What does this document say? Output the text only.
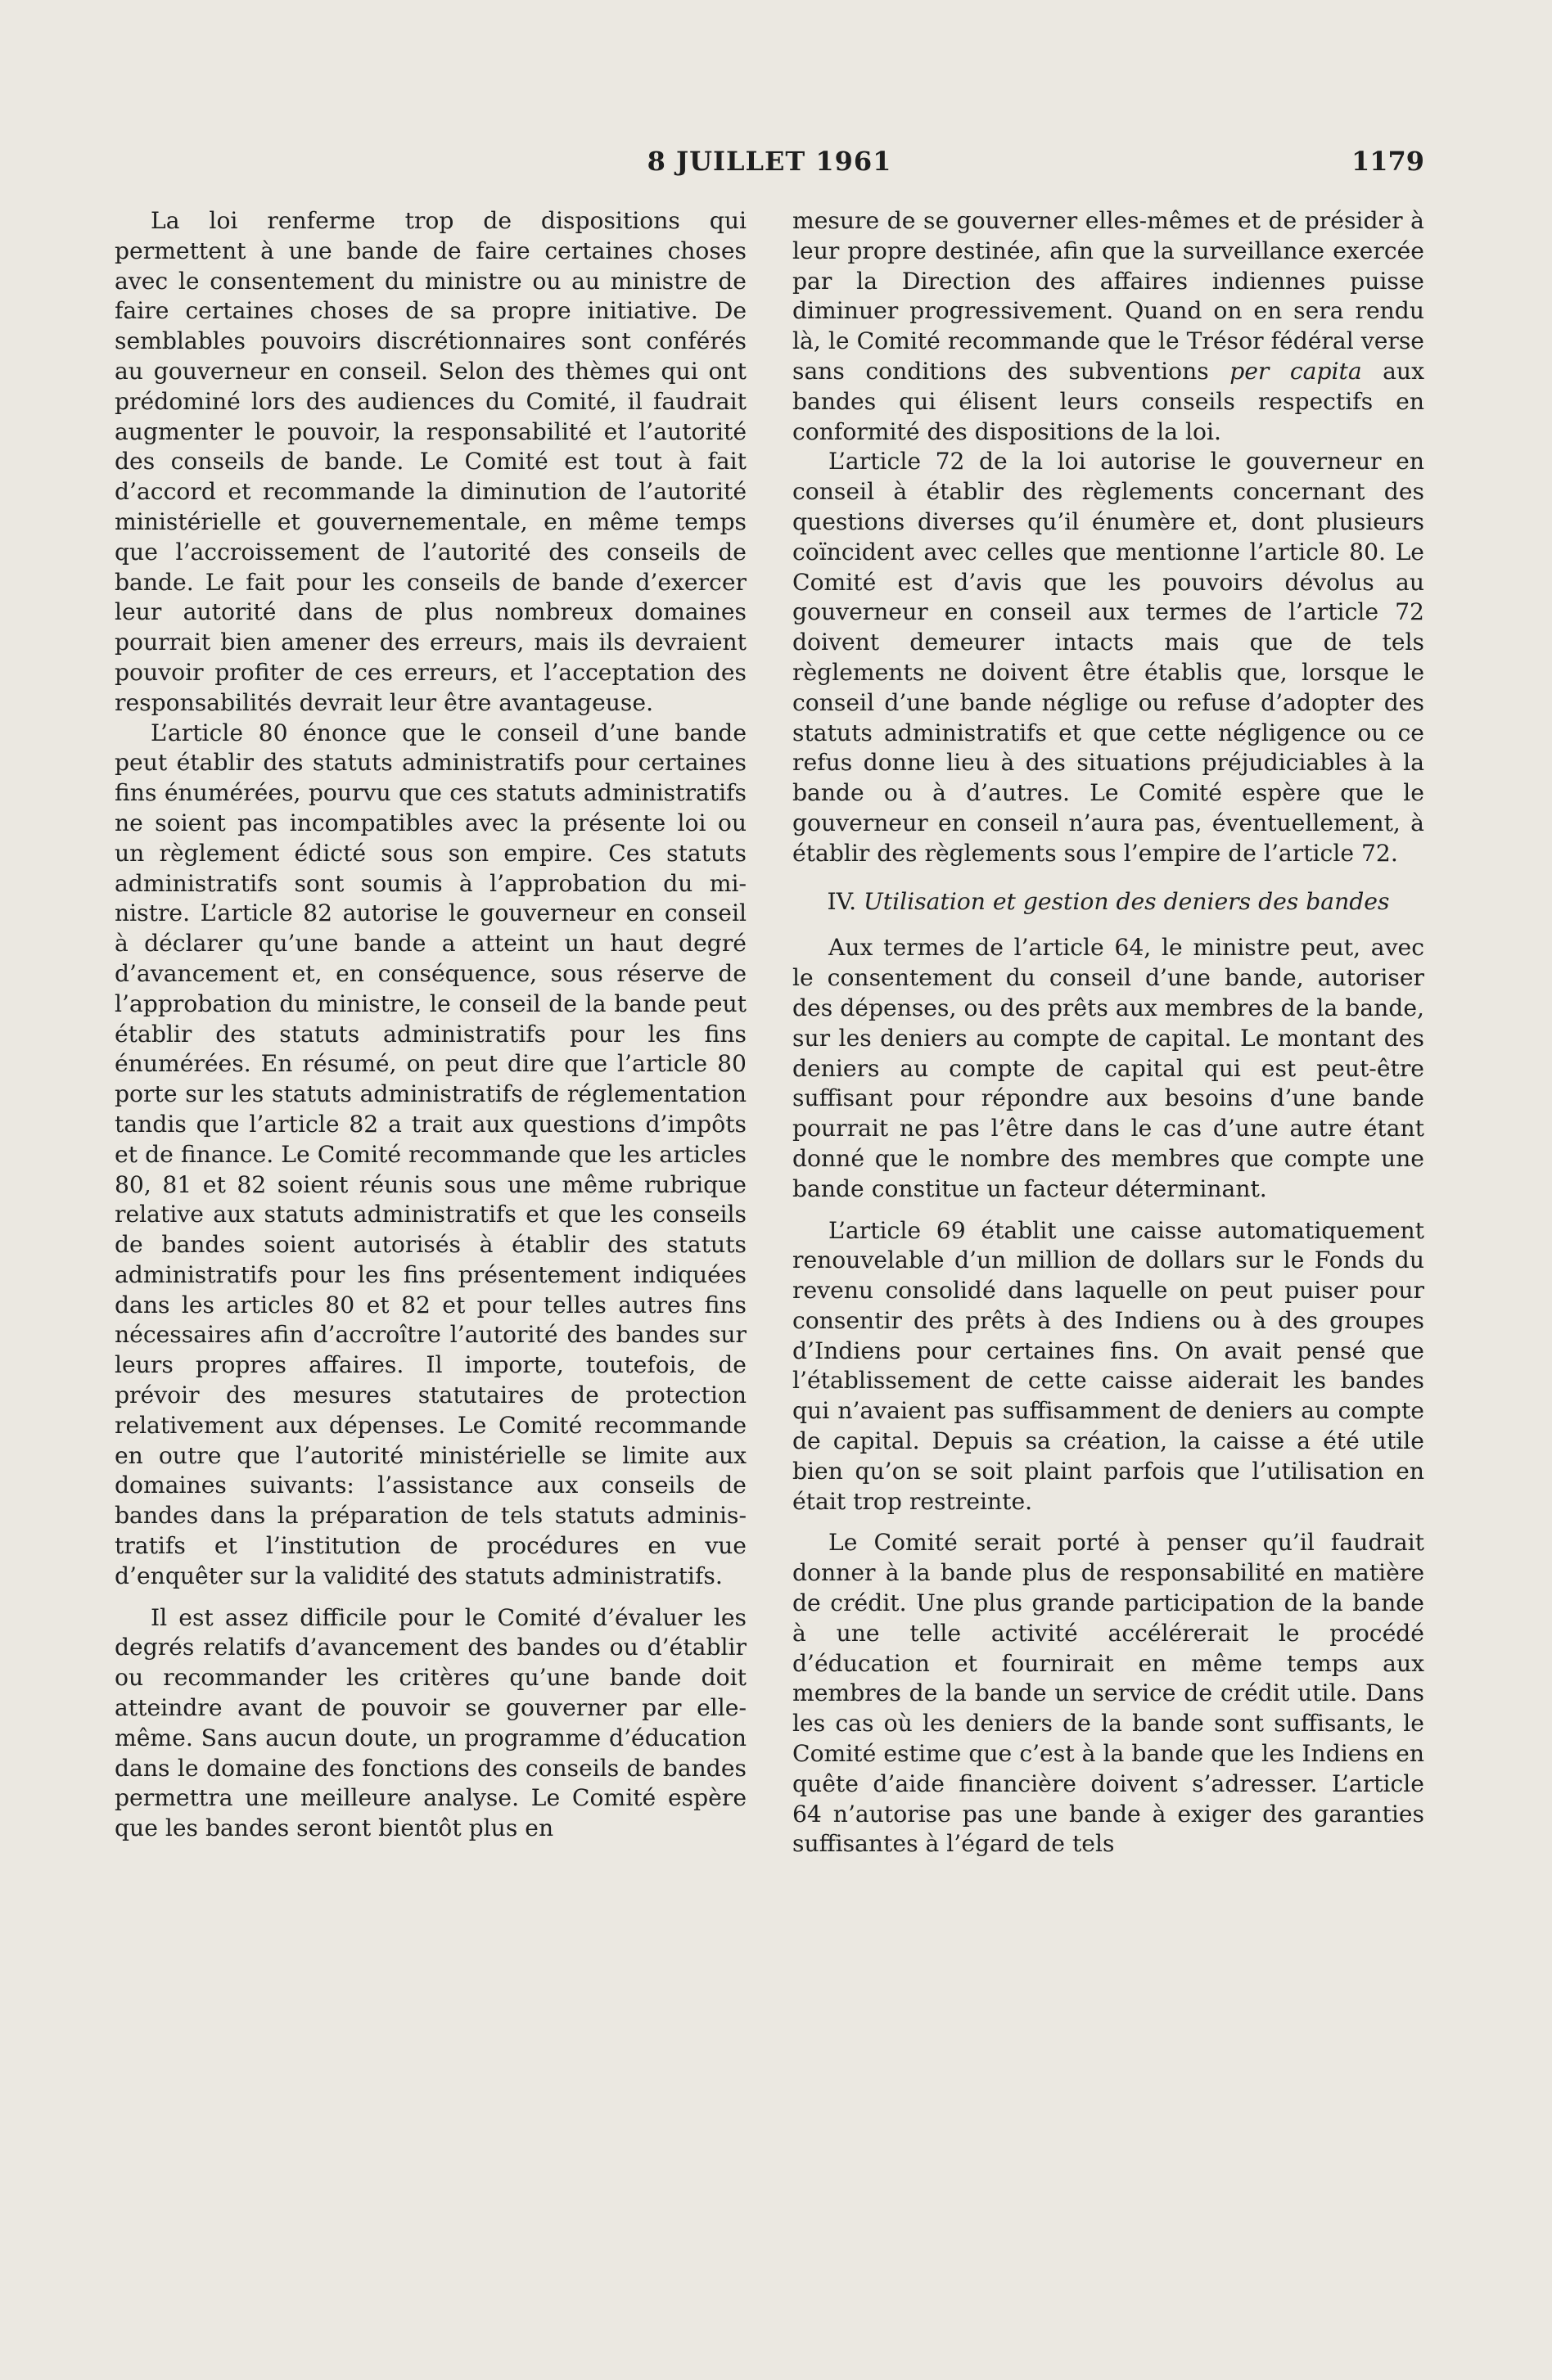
8 JUILLET 1961	1179

La loi renferme trop de dispositions qui permettent à une bande de faire certaines choses avec le consentement du ministre ou au ministre de faire certaines choses de sa propre initiative. De semblables pouvoirs discrétionnaires sont conférés au gouverneur en conseil. Selon des thèmes qui ont prédominé lors des audiences du Comité, il faudrait augmenter le pouvoir, la responsabilité et l’autorité des conseils de bande. Le Comité est tout à fait d’accord et recommande la diminution de l’autorité ministérielle et gouvernementale, en même temps que l’accroissement de l’autorité des conseils de bande. Le fait pour les conseils de bande d’exercer leur autorité dans de plus nombreux domaines pourrait bien amener des erreurs, mais ils devraient pouvoir profiter de ces erreurs, et l’acceptation des responsabilités devrait leur être avantageuse.

L’article 80 énonce que le conseil d’une bande peut établir des statuts administratifs pour certaines fins énumérées, pourvu que ces statuts administratifs ne soient pas incompatibles avec la présente loi ou un règlement édicté sous son empire. Ces statuts administratifs sont soumis à l’approbation du ministre. L’article 82 autorise le gouverneur en conseil à déclarer qu’une bande a atteint un haut degré d’avancement et, en conséquence, sous réserve de l’approbation du ministre, le conseil de la bande peut établir des statuts administratifs pour les fins énumérées. En résumé, on peut dire que l’article 80 porte sur les statuts administratifs de réglementation tandis que l’article 82 a trait aux questions d’impôts et de finance. Le Comité recommande que les articles 80, 81 et 82 soient réunis sous une même rubrique relative aux statuts administratifs et que les conseils de bandes soient autorisés à établir des statuts administratifs pour les fins présentement indiquées dans les articles 80 et 82 et pour telles autres fins nécessaires afin d’accroître l’autorité des bandes sur leurs propres affaires. Il importe, toutefois, de prévoir des mesures statutaires de protection relativement aux dépenses. Le Comité recommande en outre que l’autorité ministérielle se limite aux domaines suivants: l’assistance aux conseils de bandes dans la préparation de tels statuts administratifs et l’institution de procédures en vue d’enquêter sur la validité des statuts administratifs.

Il est assez difficile pour le Comité d’évaluer les degrés relatifs d’avancement des bandes ou d’établir ou recommander les critères qu’une bande doit atteindre avant de pouvoir se gouverner par elle-même. Sans aucun doute, un programme d’éducation dans le domaine des fonctions des conseils de bandes permettra une meilleure analyse. Le Comité espère que les bandes seront bientôt plus en

mesure de se gouverner elles-mêmes et de présider à leur propre destinée, afin que la surveillance exercée par la Direction des affaires indiennes puisse diminuer progressivement. Quand on en sera rendu là, le Comité recommande que le Trésor fédéral verse sans conditions des subventions per capita aux bandes qui élisent leurs conseils respectifs en conformité des dispositions de la loi.

L’article 72 de la loi autorise le gouverneur en conseil à établir des règlements concernant des questions diverses qu’il énumère et, dont plusieurs coïncident avec celles que mentionne l’article 80. Le Comité est d’avis que les pouvoirs dévolus au gouverneur en conseil aux termes de l’article 72 doivent demeurer intacts mais que de tels règlements ne doivent être établis que, lorsque le conseil d’une bande néglige ou refuse d’adopter des statuts administratifs et que cette négligence ou ce refus donne lieu à des situations préjudiciables à la bande ou à d’autres. Le Comité espère que le gouverneur en conseil n’aura pas, éventuellement, à établir des règlements sous l’empire de l’article 72.

IV. Utilisation et gestion des deniers des bandes

Aux termes de l’article 64, le ministre peut, avec le consentement du conseil d’une bande, autoriser des dépenses, ou des prêts aux membres de la bande, sur les deniers au compte de capital. Le montant des deniers au compte de capital qui est peut-être suffisant pour répondre aux besoins d’une bande pourrait ne pas l’être dans le cas d’une autre étant donné que le nombre des membres que compte une bande constitue un facteur déterminant.

L’article 69 établit une caisse automatiquement renouvelable d’un million de dollars sur le Fonds du revenu consolidé dans laquelle on peut puiser pour consentir des prêts à des Indiens ou à des groupes d’Indiens pour certaines fins. On avait pensé que l’établissement de cette caisse aiderait les bandes qui n’avaient pas suffisamment de deniers au compte de capital. Depuis sa création, la caisse a été utile bien qu’on se soit plaint parfois que l’utilisation en était trop restreinte.

Le Comité serait porté à penser qu’il faudrait donner à la bande plus de responsabilité en matière de crédit. Une plus grande participation de la bande à une telle activité accélérerait le procédé d’éducation et fournirait en même temps aux membres de la bande un service de crédit utile. Dans les cas où les deniers de la bande sont suffisants, le Comité estime que c’est à la bande que les Indiens en quête d’aide financière doivent s’adresser. L’article 64 n’autorise pas une bande à exiger des garanties suffisantes à l’égard de tels
